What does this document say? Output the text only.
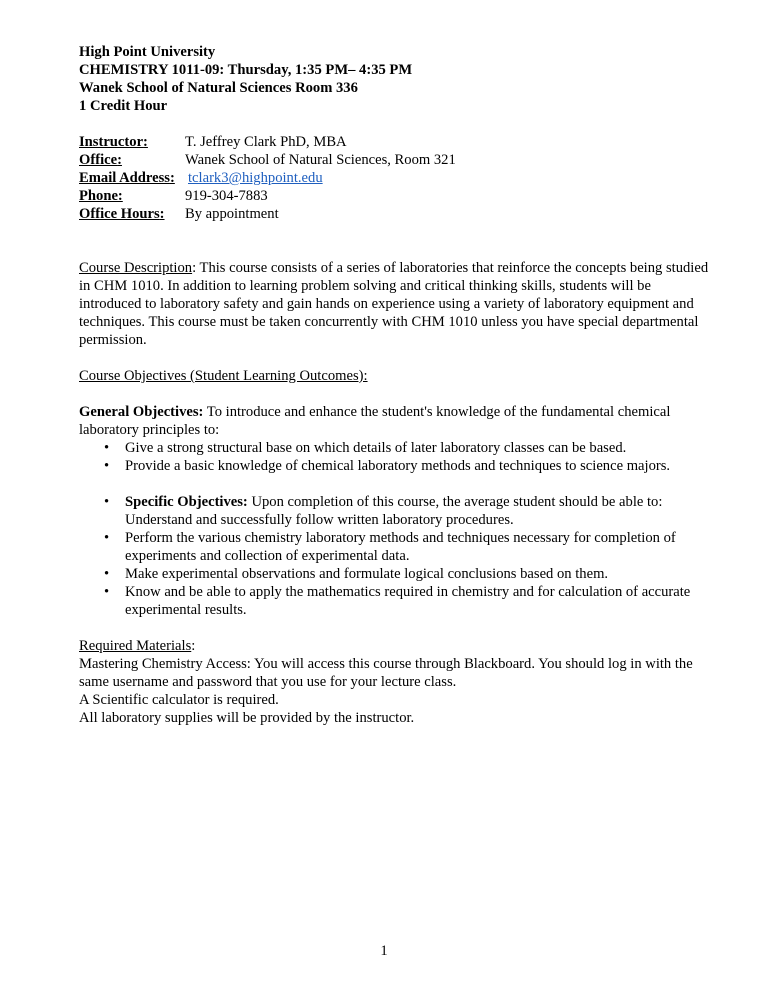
High Point University
CHEMISTRY 1011-09: Thursday, 1:35 PM– 4:35 PM
Wanek School of Natural Sciences Room 336
1 Credit Hour
Instructor:	T. Jeffrey Clark PhD, MBA
Office:	Wanek School of Natural Sciences, Room 321
Email Address: tclark3@highpoint.edu
Phone:	919-304-7883
Office Hours:	By appointment

Course Description: This course consists of a series of laboratories that reinforce the concepts being studied in CHM 1010. In addition to learning problem solving and critical thinking skills, students will be introduced to laboratory safety and gain hands on experience using a variety of laboratory equipment and techniques. This course must be taken concurrently with CHM 1010 unless you have special departmental permission.

Course Objectives (Student Learning Outcomes):

General Objectives: To introduce and enhance the student's knowledge of the fundamental chemical laboratory principles to:

• Give a strong structural base on which details of later laboratory classes can be based.
• Provide a basic knowledge of chemical laboratory methods and techniques to science majors.
• Specific Objectives: Upon completion of this course, the average student should be able to: Understand and successfully follow written laboratory procedures.
• Perform the various chemistry laboratory methods and techniques necessary for completion of experiments and collection of experimental data.
• Make experimental observations and formulate logical conclusions based on them.
• Know and be able to apply the mathematics required in chemistry and for calculation of accurate experimental results.

Required Materials:

Mastering Chemistry Access: You will access this course through Blackboard. You should log in with the same username and password that you use for your lecture class.

A Scientific calculator is required.

All laboratory supplies will be provided by the instructor.

1
